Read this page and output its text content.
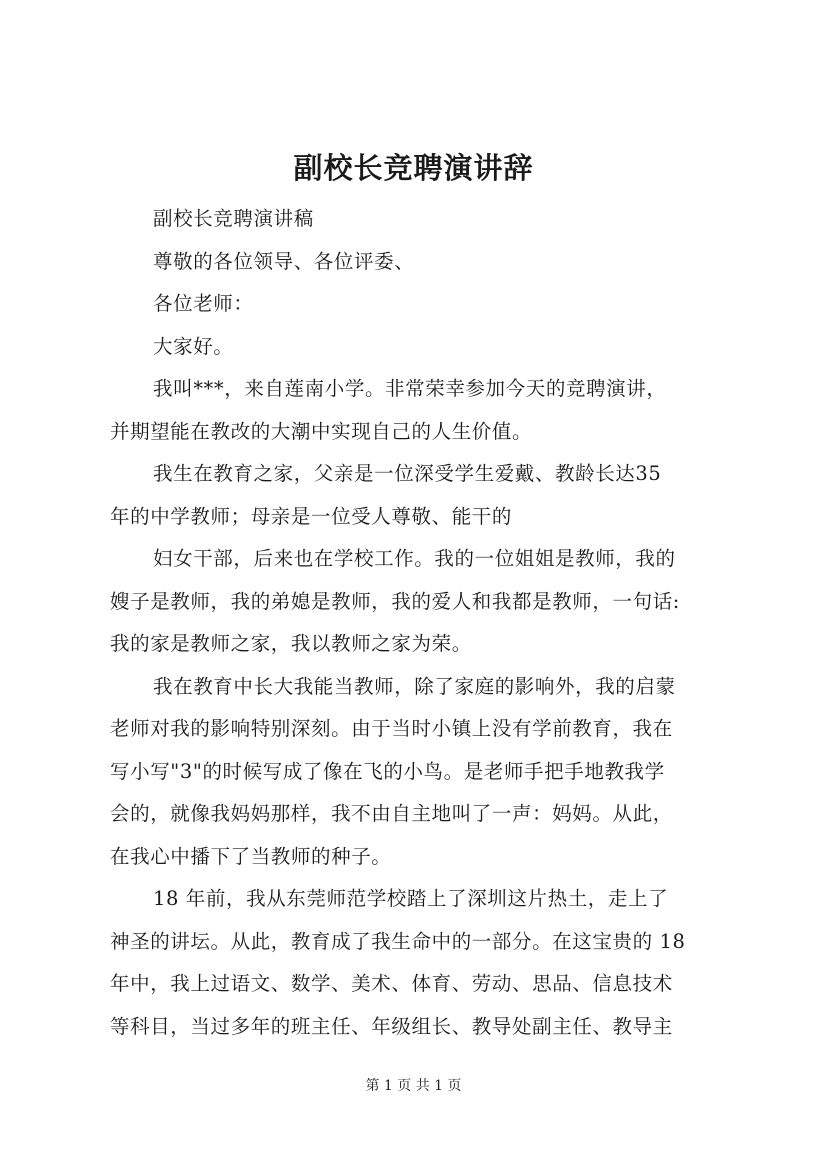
副校长竞聘演讲辞
副校长竞聘演讲稿
尊敬的各位领导、各位评委、
各位老师：
大家好。
我叫***，来自莲南小学。非常荣幸参加今天的竞聘演讲，
并期望能在教改的大潮中实现自己的人生价值。
我生在教育之家，父亲是一位深受学生爱戴、教龄长达35
年的中学教师；母亲是一位受人尊敬、能干的
妇女干部，后来也在学校工作。我的一位姐姐是教师，我的
嫂子是教师，我的弟媳是教师，我的爱人和我都是教师，一句话:
我的家是教师之家，我以教师之家为荣。
我在教育中长大我能当教师，除了家庭的影响外，我的启蒙
老师对我的影响特别深刻。由于当时小镇上没有学前教育，我在
写小写"3"的时候写成了像在飞的小鸟。是老师手把手地教我学
会的，就像我妈妈那样，我不由自主地叫了一声：妈妈。从此，
在我心中播下了当教师的种子。
18 年前，我从东莞师范学校踏上了深圳这片热土，走上了
神圣的讲坛。从此，教育成了我生命中的一部分。在这宝贵的 18
年中，我上过语文、数学、美术、体育、劳动、思品、信息技术
等科目，当过多年的班主任、年级组长、教导处副主任、教导主
第 1 页 共 1 页
